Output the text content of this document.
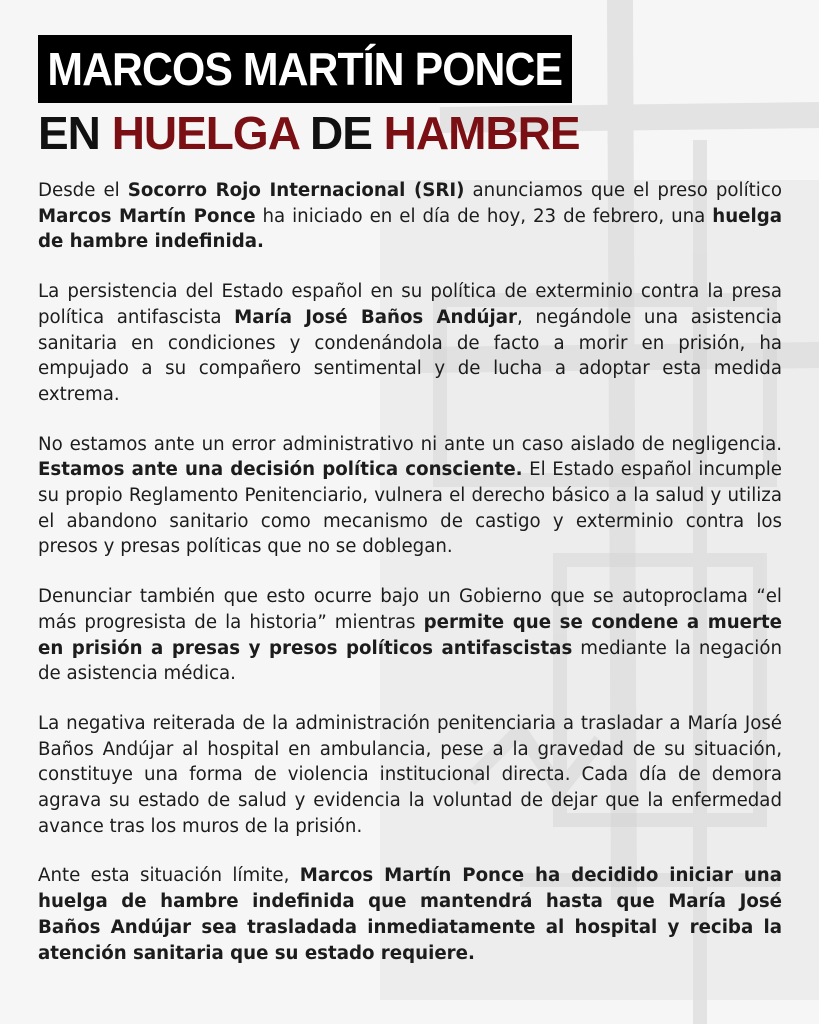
MARCOS MARTÍN PONCE
EN HUELGA DE HAMBRE

Desde el Socorro Rojo Internacional (SRI) anunciamos que el preso político Marcos Martín Ponce ha iniciado en el día de hoy, 23 de febrero, una huelga de hambre indefinida.

La persistencia del Estado español en su política de exterminio contra la presa política antifascista María José Baños Andújar, negándole una asistencia sanitaria en condiciones y condenándola de facto a morir en prisión, ha empujado a su compañero sentimental y de lucha a adoptar esta medida extrema.

No estamos ante un error administrativo ni ante un caso aislado de negligencia. Estamos ante una decisión política consciente. El Estado español incumple su propio Reglamento Penitenciario, vulnera el derecho básico a la salud y utiliza el abandono sanitario como mecanismo de castigo y exterminio contra los presos y presas políticas que no se doblegan.

Denunciar también que esto ocurre bajo un Gobierno que se autoproclama “el más progresista de la historia” mientras permite que se condene a muerte en prisión a presas y presos políticos antifascistas mediante la negación de asistencia médica.

La negativa reiterada de la administración penitenciaria a trasladar a María José Baños Andújar al hospital en ambulancia, pese a la gravedad de su situación, constituye una forma de violencia institucional directa. Cada día de demora agrava su estado de salud y evidencia la voluntad de dejar que la enfermedad avance tras los muros de la prisión.

Ante esta situación límite, Marcos Martín Ponce ha decidido iniciar una huelga de hambre indefinida que mantendrá hasta que María José Baños Andújar sea trasladada inmediatamente al hospital y reciba la atención sanitaria que su estado requiere.
